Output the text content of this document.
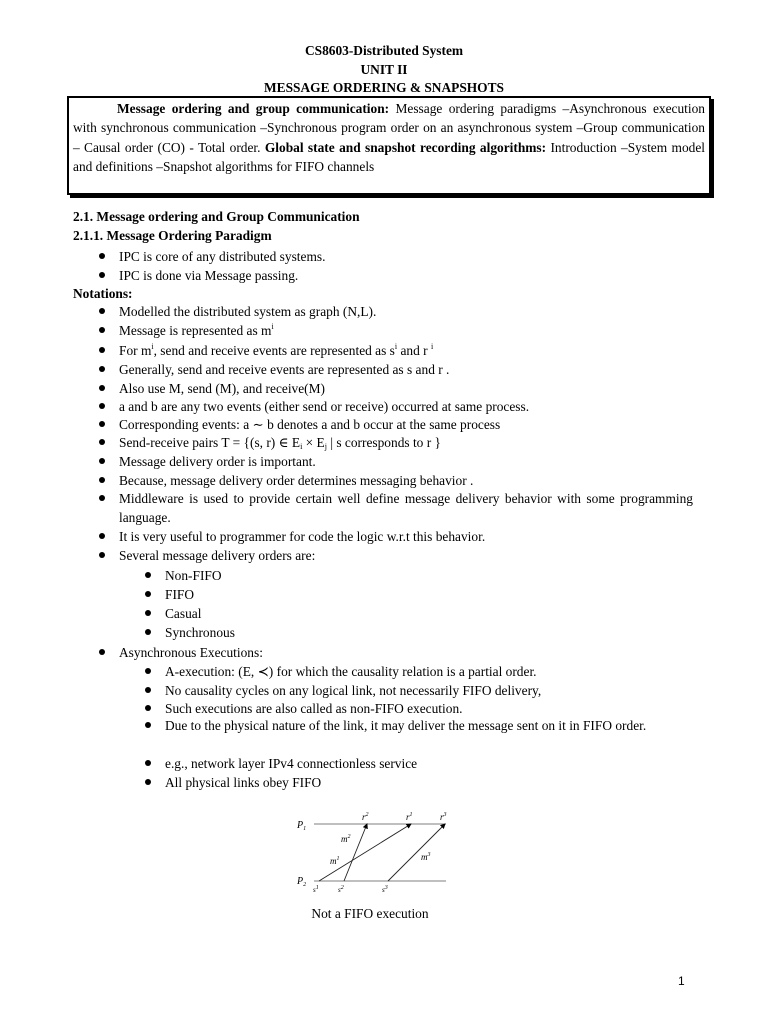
CS8603-Distributed System
UNIT II
MESSAGE ORDERING & SNAPSHOTS
Message ordering and group communication: Message ordering paradigms –Asynchronous execution with synchronous communication –Synchronous program order on an asynchronous system –Group communication – Causal order (CO) - Total order. Global state and snapshot recording algorithms: Introduction –System model and definitions –Snapshot algorithms for FIFO channels
2.1. Message ordering and Group Communication
2.1.1. Message Ordering Paradigm
IPC is core of any distributed systems.
IPC is done via Message passing.
Notations:
Modelled the distributed system as graph (N,L).
Message is represented as $m^i$
For $m^i$, send and receive events are represented as $s^i$ and r $^i$
Generally, send and receive events are represented as s and r .
Also use M, send (M), and receive(M)
a and b are any two events (either send or receive) occurred at same process.
Corresponding events: a ∼ b denotes a and b occur at the same process
Send-receive pairs T = {(s, r) ∈ $E_i \times E_j$ | s corresponds to r }
Message delivery order is important.
Because, message delivery order determines messaging behavior .
Middleware is used to provide certain well define message delivery behavior with some programming language.
It is very useful to programmer for code the logic w.r.t this behavior.
Several message delivery orders are:
Non-FIFO
FIFO
Casual
Synchronous
Asynchronous Executions:
A-execution: (E, ≺) for which the causality relation is a partial order.
No causality cycles on any logical link, not necessarily FIFO delivery,
Such executions are also called as non-FIFO execution.
Due to the physical nature of the link, it may deliver the message sent on it in FIFO order.
e.g., network layer IPv4 connectionless service
All physical links obey FIFO
$P_1$
$P_2$
$r^2$	$r^1$	$r^3$
$m^2$
$m^1$	$m^3$
s1	s2	s3
Not a FIFO execution
1
